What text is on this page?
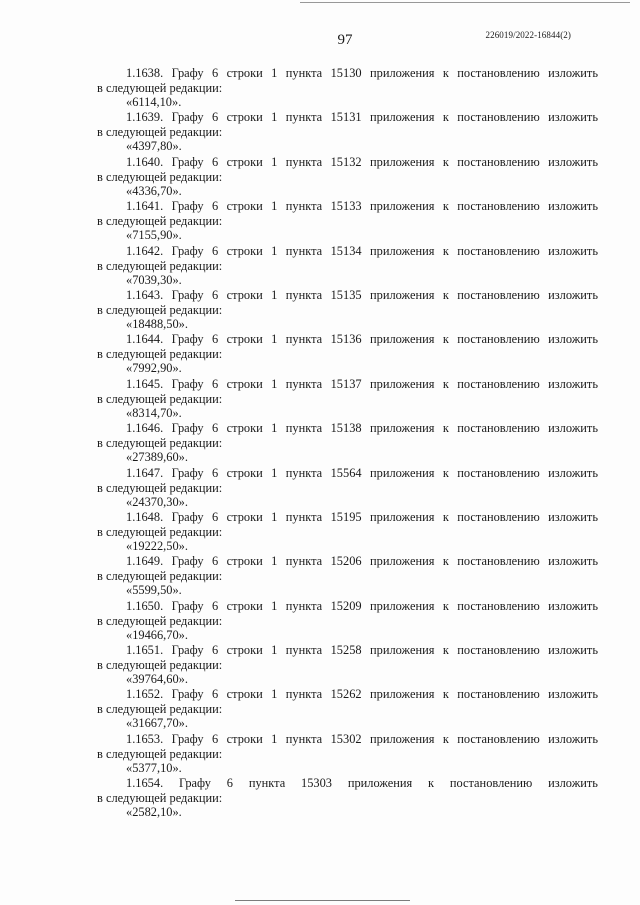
97	226019/2022-16844(2)
1.1638. Графу 6 строки 1 пункта 15130 приложения к постановлению изложить
в следующей редакции:
«6114,10».
1.1639. Графу 6 строки 1 пункта 15131 приложения к постановлению изложить
в следующей редакции:
«4397,80».
1.1640. Графу 6 строки 1 пункта 15132 приложения к постановлению изложить
в следующей редакции:
«4336,70».
1.1641. Графу 6 строки 1 пункта 15133 приложения к постановлению изложить
в следующей редакции:
«7155,90».
1.1642. Графу 6 строки 1 пункта 15134 приложения к постановлению изложить
в следующей редакции:
«7039,30».
1.1643. Графу 6 строки 1 пункта 15135 приложения к постановлению изложить
в следующей редакции:
«18488,50».
1.1644. Графу 6 строки 1 пункта 15136 приложения к постановлению изложить
в следующей редакции:
«7992,90».
1.1645. Графу 6 строки 1 пункта 15137 приложения к постановлению изложить
в следующей редакции:
«8314,70».
1.1646. Графу 6 строки 1 пункта 15138 приложения к постановлению изложить
в следующей редакции:
«27389,60».
1.1647. Графу 6 строки 1 пункта 15564 приложения к постановлению изложить
в следующей редакции:
«24370,30».
1.1648. Графу 6 строки 1 пункта 15195 приложения к постановлению изложить
в следующей редакции:
«19222,50».
1.1649. Графу 6 строки 1 пункта 15206 приложения к постановлению изложить
в следующей редакции:
«5599,50».
1.1650. Графу 6 строки 1 пункта 15209 приложения к постановлению изложить
в следующей редакции:
«19466,70».
1.1651. Графу 6 строки 1 пункта 15258 приложения к постановлению изложить
в следующей редакции:
«39764,60».
1.1652. Графу 6 строки 1 пункта 15262 приложения к постановлению изложить
в следующей редакции:
«31667,70».
1.1653. Графу 6 строки 1 пункта 15302 приложения к постановлению изложить
в следующей редакции:
«5377,10».
1.1654. Графу 6 пункта 15303 приложения к постановлению изложить
в следующей редакции:
«2582,10».
